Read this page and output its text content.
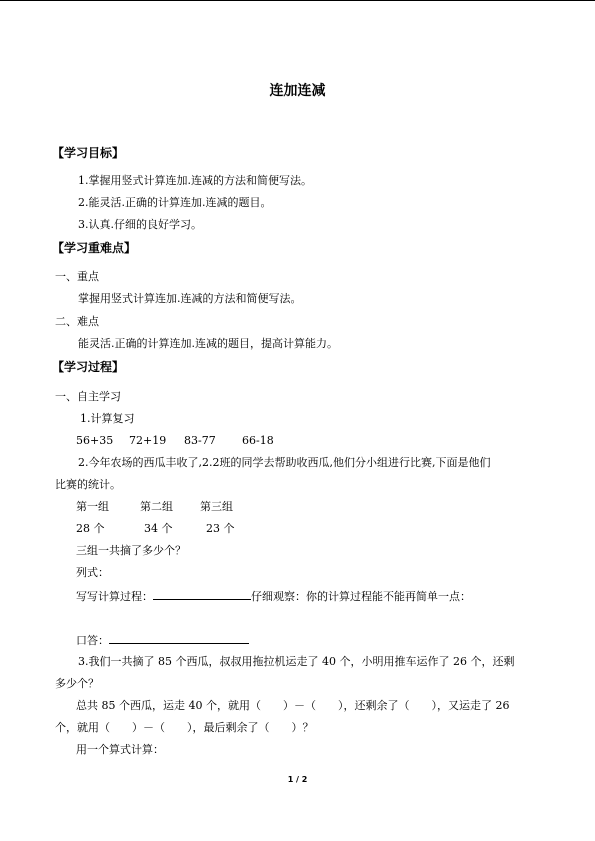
连加连减
【学习目标】
1.掌握用竖式计算连加.连减的方法和简便写法。
2.能灵活.正确的计算连加.连减的题目。
3.认真.仔细的良好学习。
【学习重难点】
一、重点
掌握用竖式计算连加.连减的方法和简便写法。
二、难点
能灵活.正确的计算连加.连减的题目，提高计算能力。
【学习过程】
一、自主学习
1.计算复习
56+35 72+19 83-77 66-18
2.今年农场的西瓜丰收了,2.2班的同学去帮助收西瓜,他们分小组进行比赛,下面是他们
比赛的统计。
第一组	第二组 第三组
28 个	34 个	23 个
三组一共摘了多少个？
列式：
写写计算过程：	仔细观察：你的计算过程能不能再简单一点：
口答：
3.我们一共摘了 85 个西瓜，叔叔用拖拉机运走了 40 个，小明用推车运作了 26 个，还剩
多少个？
总共 85 个西瓜，运走 40 个，就用（　　）－（　　），还剩余了（　　），又运走了 26
个，就用（　　）－（　　），最后剩余了（　　）？
用一个算式计算：
1 / 2
